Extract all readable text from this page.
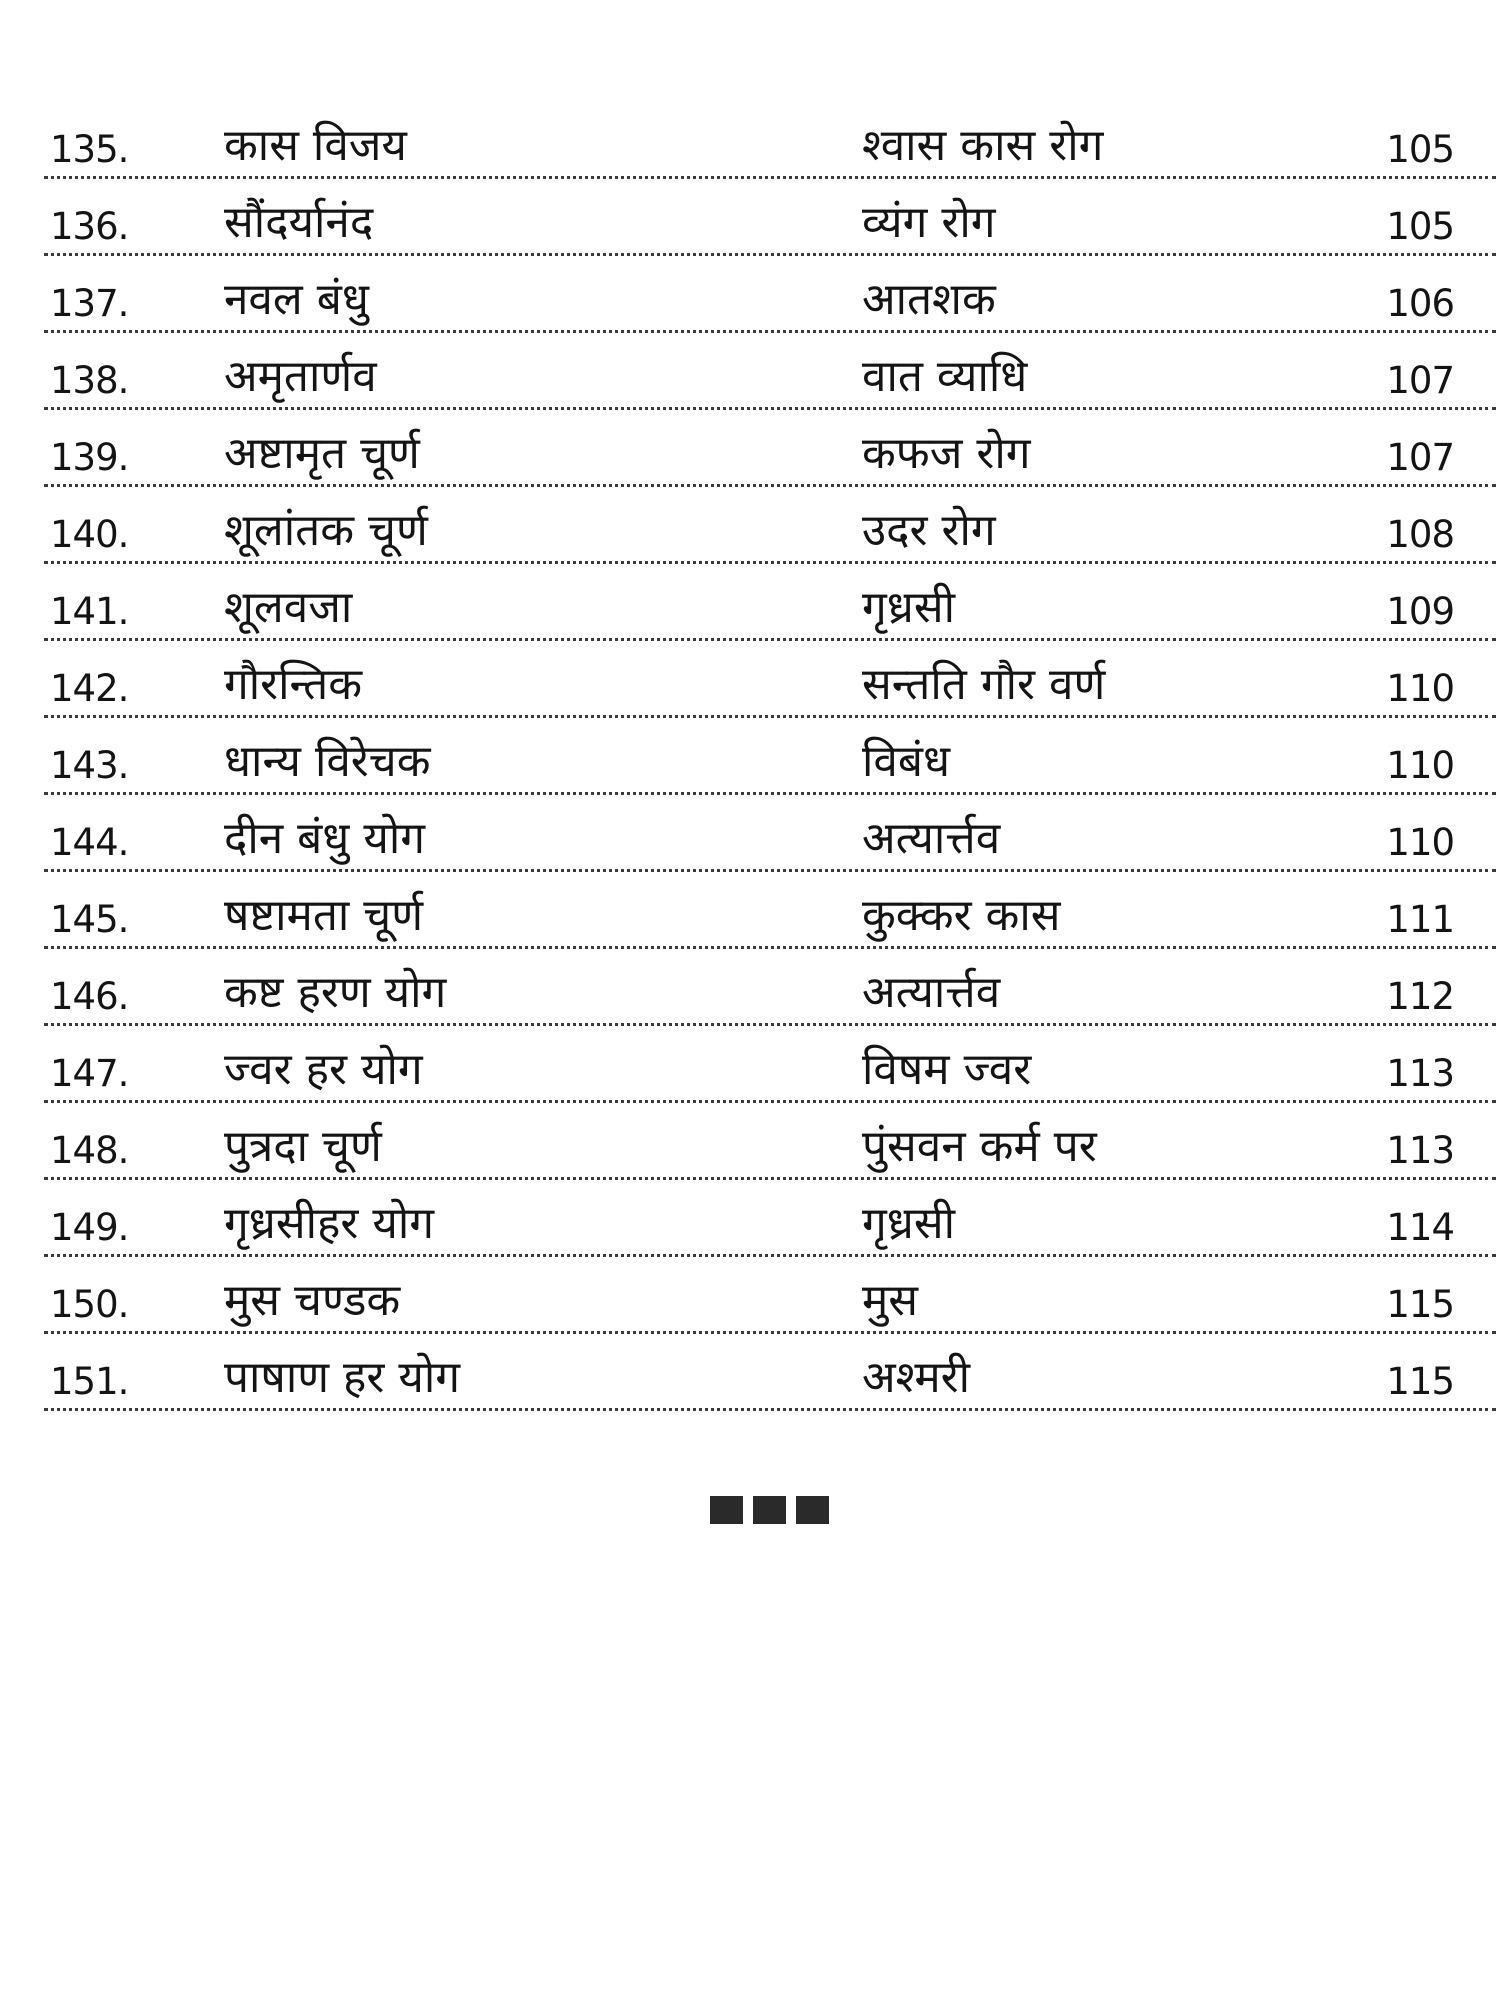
135. कास विजय	श्वास कास रोग	105
136. सौंदर्यानंद	व्यंग रोग	105
137. नवल बंधु	आतशक	106
138. अमृतार्णव	वात व्याधि	107
139. अष्टामृत चूर्ण	कफज रोग	107
140. शूलांतक चूर्ण	उदर रोग	108
141. शूलवजा	गृध्रसी	109
142. गौरन्तिक	सन्तति गौर वर्ण	110
143. धान्य विरेचक	विबंध	110
144. दीन बंधु योग	अत्यार्त्तव	110
145. षष्टामता चूर्ण	कुक्कर कास	111
146. कष्ट हरण योग	अत्यार्त्तव	112
147. ज्वर हर योग	विषम ज्वर	113
148. पुत्रदा चूर्ण	पुंसवन कर्म पर	113
149. गृध्रसीहर योग	गृध्रसी	114
150. मुस चण्डक	मुस	115
151. पाषाण हर योग	अश्मरी	115
